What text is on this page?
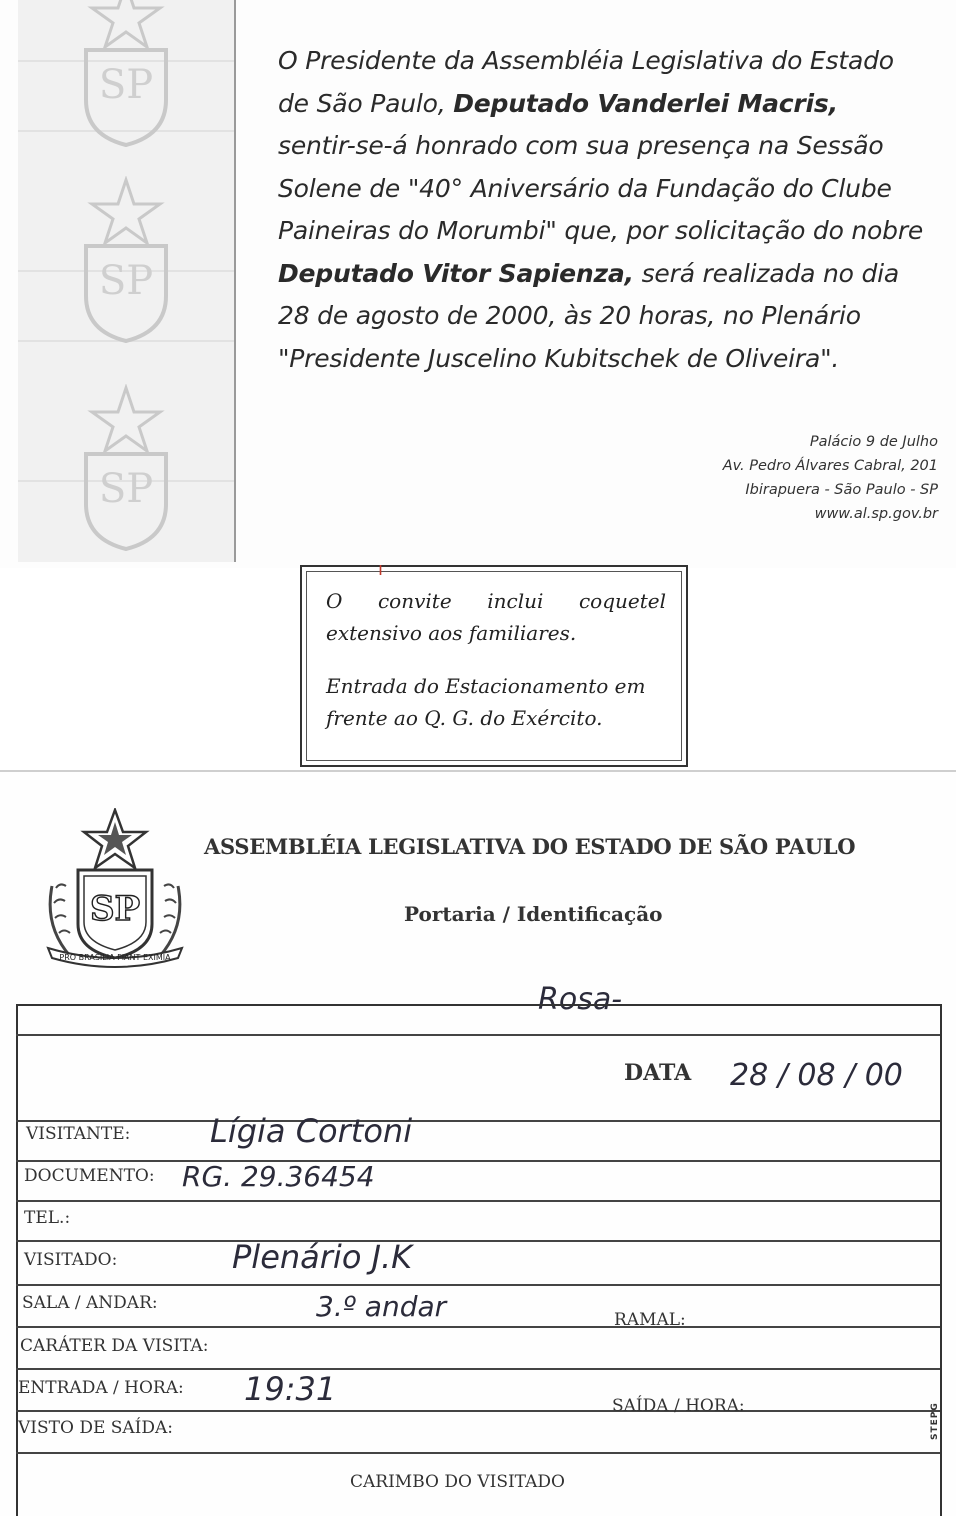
SP
SP
SP
O Presidente da Assembléia Legislativa do Estado
de São Paulo, Deputado Vanderlei Macris,
sentir-se-á honrado com sua presença na Sessão
Solene de "40° Aniversário da Fundação do Clube
Paineiras do Morumbi" que, por solicitação do nobre
Deputado Vitor Sapienza, será realizada no dia
28 de agosto de 2000, às 20 horas, no Plenário
"Presidente Juscelino Kubitschek de Oliveira".
Palácio 9 de Julho
Av. Pedro Álvares Cabral, 201
Ibirapuera - São Paulo - SP
www.al.sp.gov.br
ı

O convite inclui coquetel
extensivo aos familiares.

Entrada do Estacionamento em
frente ao Q. G. do Exército.

SP
PRO BRASILIA FIANT EXIMIA
ASSEMBLÉIA LEGISLATIVA DO ESTADO DE SÃO PAULO
Portaria / Identificação
Rosa-
DATA 28 / 08 / 00
VISITANTE: Lígia Cortoni
DOCUMENTO: RG. 29.36454
TEL.:
VISITADO:	Plenário J.K
SALA / ANDAR:	3.º andar	RAMAL:
CARÁTER DA VISITA:
ENTRADA / HORA: 19:31	SAÍDA / HORA:
VISTO DE SAÍDA:
CARIMBO DO VISITADO
STEPG
